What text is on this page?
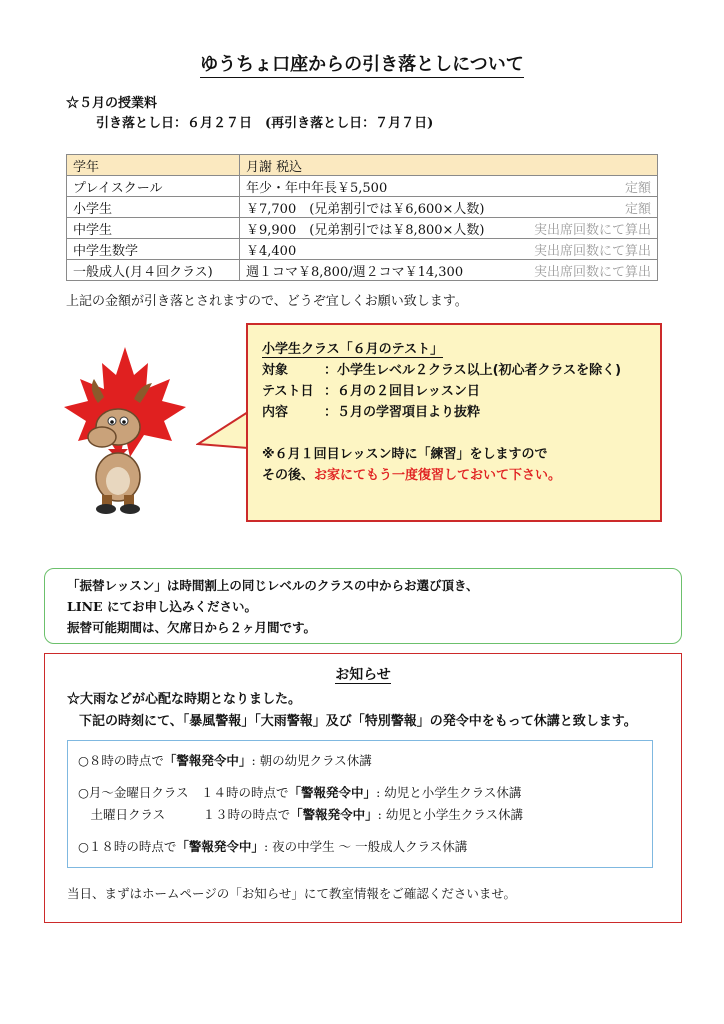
ゆうちょ口座からの引き落としについて
☆５月の授業料
引き落とし日：６月２７日　(再引き落とし日：７月７日)
学年	月謝 税込
プレイスクール	年少・年中年長￥5,500 定額

小学生	￥7,700　(兄弟割引では￥6,600×人数) 定額

中学生	￥9,900　(兄弟割引では￥8,800×人数) 実出席回数にて算出

中学生数学	￥4,400 実出席回数にて算出

一般成人(月４回クラス)	週１コマ￥8,800/週２コマ￥14,300 実出席回数にて算出
上記の金額が引き落とされますので、どうぞ宜しくお願い致します。
小学生クラス「６月のテスト」
対象	：小学生レベル２クラス以上(初心者クラスを除く)
テスト日 ：６月の２回目レッスン日
内容	：５月の学習項目より抜粋
※６月１回目レッスン時に「練習」をしますので
その後、お家にてもう一度復習しておいて下さい。
「振替レッスン」は時間割上の同じレベルのクラスの中からお選び頂き、
LINE にてお申し込みください。
振替可能期間は、欠席日から２ヶ月間です。
お知らせ
☆大雨などが心配な時期となりました。
下記の時刻にて、「暴風警報」「大雨警報」及び「特別警報」の発令中をもって休講と致します。
○８時の時点で「警報発令中」: 朝の幼児クラス休講
○月～金曜日クラス　１４時の時点で「警報発令中」: 幼児と小学生クラス休講
　土曜日クラス　　　１３時の時点で「警報発令中」: 幼児と小学生クラス休講
○１８時の時点で「警報発令中」: 夜の中学生 ～ 一般成人クラス休講
当日、まずはホームページの「お知らせ」にて教室情報をご確認くださいませ。
